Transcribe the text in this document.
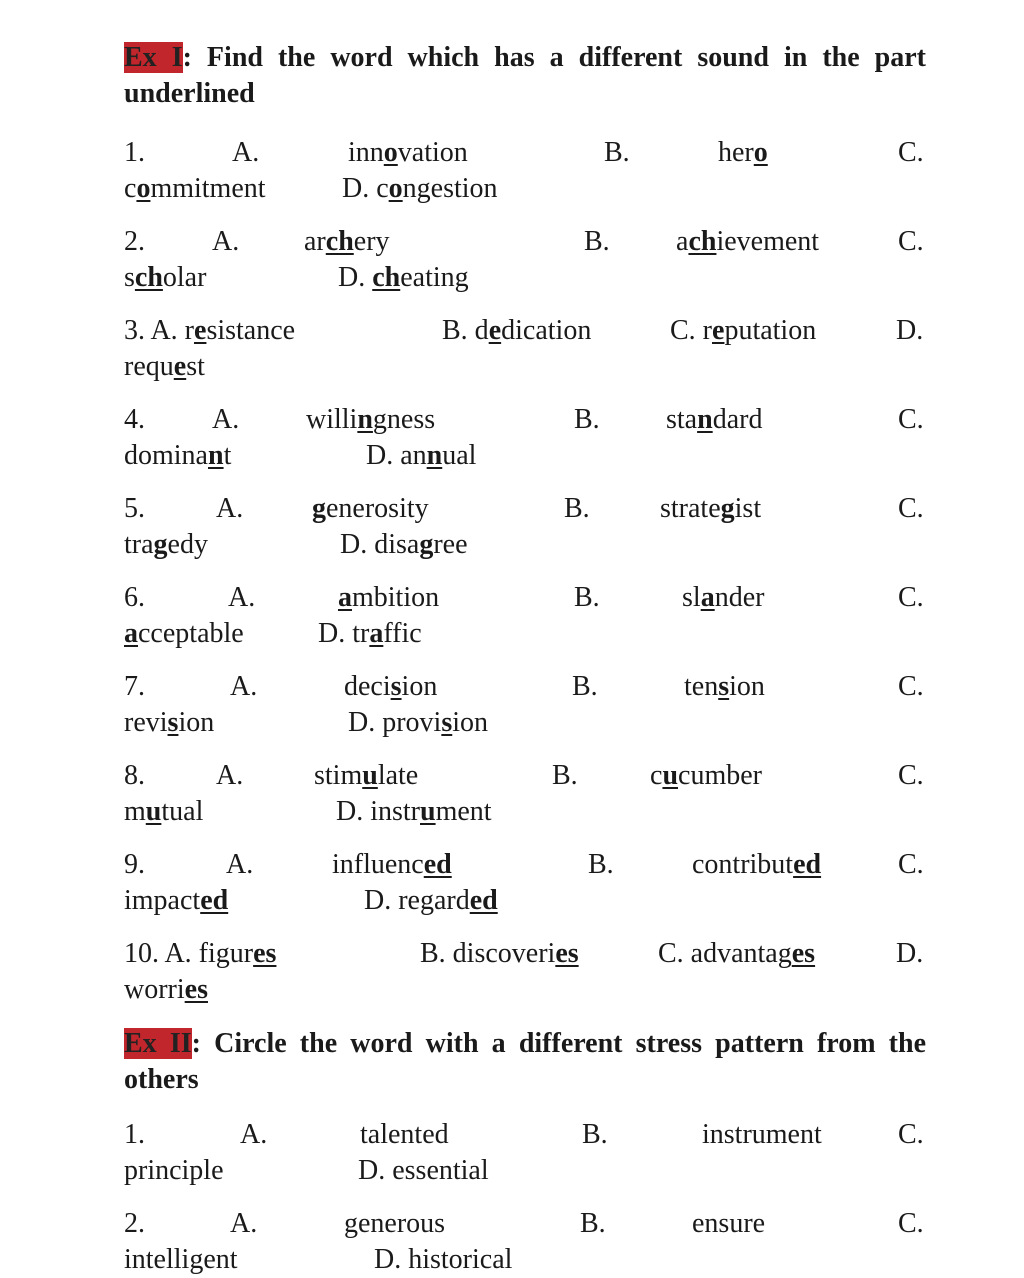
Ex I: Find the word which has a different sound in the part underlined
1.	A.	innovation	B.	hero	C.
commitment	D. congestion
2. A. archery	B. achievement	C.
scholar	D. cheating
3. A. resistance	B. dedication	C. reputation	D.
request
4. A. willingness	B. standard	C.
dominant	D. annual
5.	A. generosity	B.	strategist	C.
tragedy	D. disagree
6.	A.	ambition	B.	slander	C.
acceptable	D. traffic
7.	A.	decision	B.	tension	C.
revision	D. provision
8.	A.	stimulate	B.	cucumber	C.
mutual	D. instrument
9.	A.	influenced	B.	contributed	C.
impacted	D. regarded
10. A. figures	B. discoveries	C. advantages	D.
worries
Ex II: Circle the word with a different stress pattern from the others
1.	A.	talented	B.	instrument	C.
principle	D. essential
2.	A.	generous	B.	ensure	C.
intelligent	D. historical
